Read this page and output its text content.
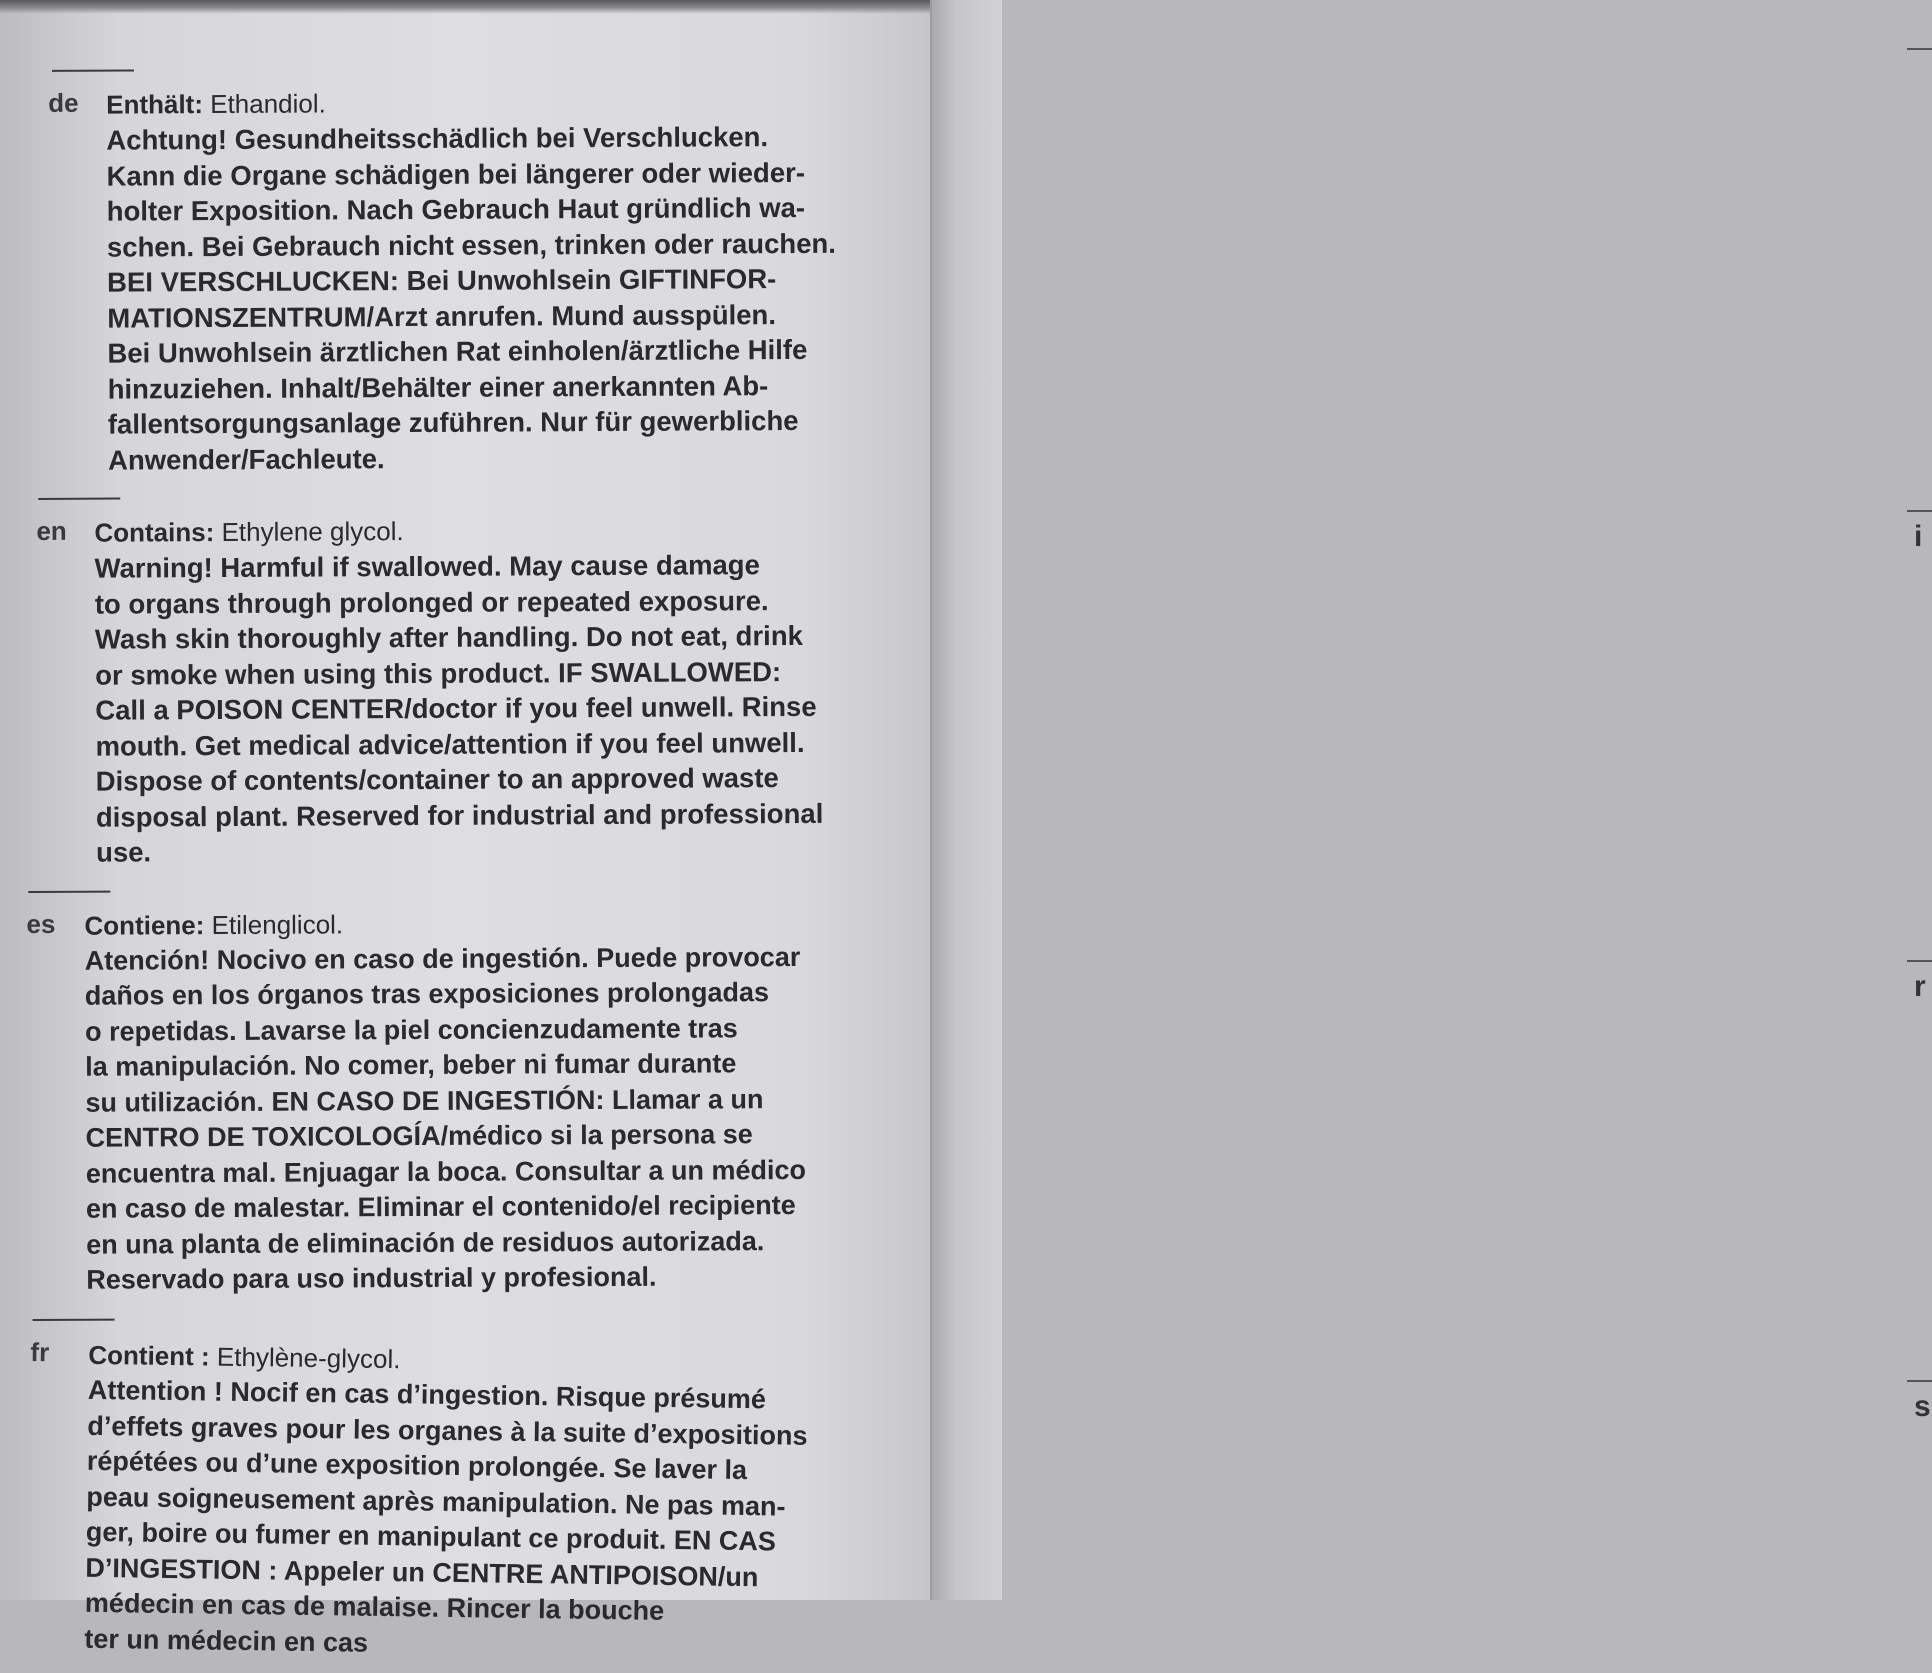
i
r
s
de Enthält: Ethandiol.
Achtung! Gesundheitsschädlich bei Verschlucken.
Kann die Organe schädigen bei längerer oder wieder-
holter Exposition. Nach Gebrauch Haut gründlich wa-
schen. Bei Gebrauch nicht essen, trinken oder rauchen.
BEI VERSCHLUCKEN: Bei Unwohlsein GIFTINFOR-
MATIONSZENTRUM/Arzt anrufen. Mund ausspülen.
Bei Unwohlsein ärztlichen Rat einholen/ärztliche Hilfe
hinzuziehen. Inhalt/Behälter einer anerkannten Ab-
fallentsorgungsanlage zuführen. Nur für gewerbliche
Anwender/Fachleute.
en Contains: Ethylene glycol.
Warning! Harmful if swallowed. May cause damage
to organs through prolonged or repeated exposure.
Wash skin thoroughly after handling. Do not eat, drink
or smoke when using this product. IF SWALLOWED:
Call a POISON CENTER/doctor if you feel unwell. Rinse
mouth. Get medical advice/attention if you feel unwell.
Dispose of contents/container to an approved waste
disposal plant. Reserved for industrial and professional
use.
es Contiene: Etilenglicol.
Atención! Nocivo en caso de ingestión. Puede provocar
daños en los órganos tras exposiciones prolongadas
o repetidas. Lavarse la piel concienzudamente tras
la manipulación. No comer, beber ni fumar durante
su utilización. EN CASO DE INGESTIÓN: Llamar a un
CENTRO DE TOXICOLOGÍA/médico si la persona se
encuentra mal. Enjuagar la boca. Consultar a un médico
en caso de malestar. Eliminar el contenido/el recipiente
en una planta de eliminación de residuos autorizada.
Reservado para uso industrial y profesional.
fr Contient : Ethylène-glycol.
Attention ! Nocif en cas d’ingestion. Risque présumé
d’effets graves pour les organes à la suite d’expositions
répétées ou d’une exposition prolongée. Se laver la
peau soigneusement après manipulation. Ne pas man-
ger, boire ou fumer en manipulant ce produit. EN CAS
D’INGESTION : Appeler un CENTRE ANTIPOISON/un
médecin en cas de malaise. Rincer la bouche
ter un médecin en cas
